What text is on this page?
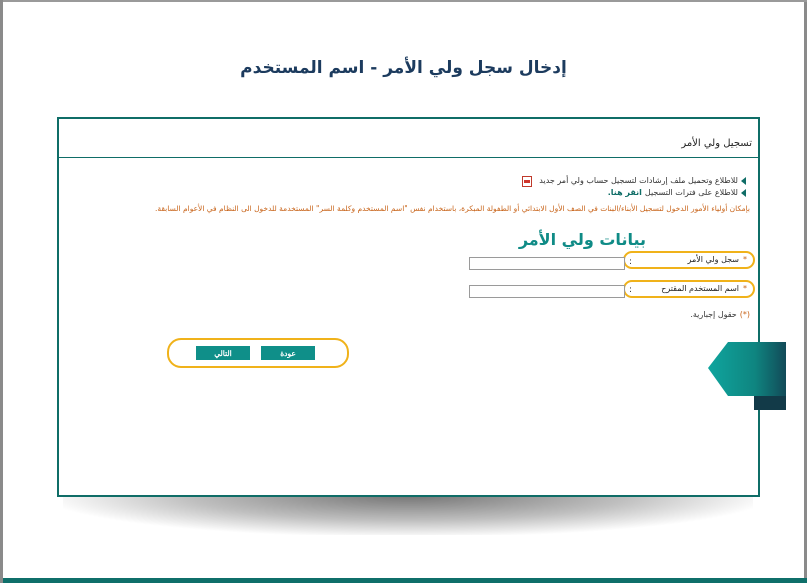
إدخال سجل ولي الأمر - اسم المستخدم
تسجيل ولي الأمر
للاطلاع وتحميل ملف إرشادات لتسجيل حساب ولي أمر جديد
للاطلاع على فترات التسجيل
انقر هنا.
بإمكان أولياء الأمور الدخول لتسجيل الأبناء/البنات في الصف الأول الابتدائي أو الطفولة المبكرة، باستخدام نفس "اسم المستخدم وكلمة السر" المستخدمة للدخول الى النظام في الأعوام السابقة.
بيانات ولي الأمر
*سجل ولي الأمر
:
*اسم المستخدم المقترح
:
(*)حقول إجبارية.
التالي	عودة
